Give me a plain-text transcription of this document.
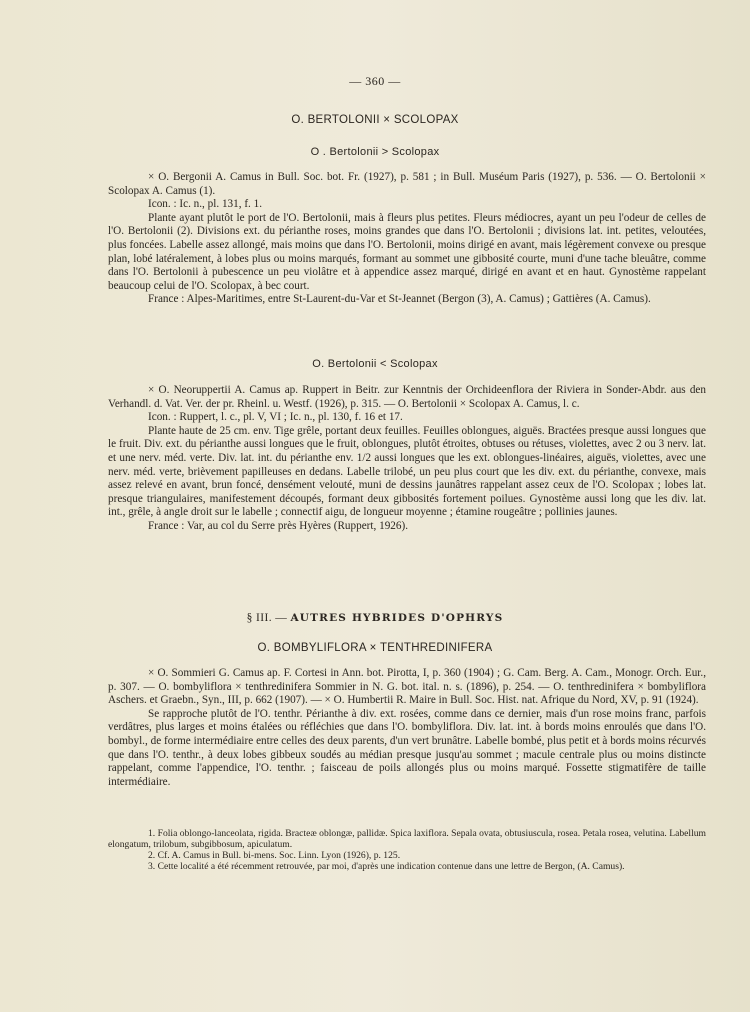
— 360 —
O. BERTOLONII × SCOLOPAX
O . Bertolonii > Scolopax

× O. Bergonii A. Camus in Bull. Soc. bot. Fr. (1927), p. 581 ; in Bull. Muséum Paris (1927), p. 536. — O. Bertolonii × Scolopax A. Camus (1).

Icon. : Ic. n., pl. 131, f. 1.

Plante ayant plutôt le port de l'O. Bertolonii, mais à fleurs plus petites. Fleurs médiocres, ayant un peu l'odeur de celles de l'O. Bertolonii (2). Divisions ext. du périanthe roses, moins grandes que dans l'O. Bertolonii ; divisions lat. int. petites, veloutées, plus foncées. Labelle assez allongé, mais moins que dans l'O. Bertolonii, moins dirigé en avant, mais légèrement convexe ou presque plan, lobé latéralement, à lobes plus ou moins marqués, formant au sommet une gibbosité courte, muni d'une tache bleuâtre, comme dans l'O. Bertolonii à pubescence un peu violâtre et à appendice assez marqué, dirigé en avant et en haut. Gynostème rappelant beaucoup celui de l'O. Scolopax, à bec court.

France : Alpes-Maritimes, entre St-Laurent-du-Var et St-Jeannet (Bergon (3), A. Camus) ; Gattières (A. Camus).

O. Bertolonii < Scolopax

× O. Neoruppertii A. Camus ap. Ruppert in Beitr. zur Kenntnis der Orchideenflora der Riviera in Sonder-Abdr. aus den Verhandl. d. Vat. Ver. der pr. Rheinl. u. Westf. (1926), p. 315. — O. Bertolonii × Scolopax A. Camus, l. c.

Icon. : Ruppert, l. c., pl. V, VI ; Ic. n., pl. 130, f. 16 et 17.

Plante haute de 25 cm. env. Tige grêle, portant deux feuilles. Feuilles oblongues, aiguës. Bractées presque aussi longues que le fruit. Div. ext. du périanthe aussi longues que le fruit, oblongues, plutôt étroites, obtuses ou rétuses, violettes, avec 2 ou 3 nerv. lat. et une nerv. méd. verte. Div. lat. int. du périanthe env. 1/2 aussi longues que les ext. oblongues-linéaires, aiguës, violettes, avec une nerv. méd. verte, brièvement papilleuses en dedans. Labelle trilobé, un peu plus court que les div. ext. du périanthe, convexe, mais assez relevé en avant, brun foncé, densément velouté, muni de dessins jaunâtres rappelant assez ceux de l'O. Scolopax ; lobes lat. presque triangulaires, manifestement découpés, formant deux gibbosités fortement poilues. Gynostème aussi long que les div. lat. int., grêle, à angle droit sur le labelle ; connectif aigu, de longueur moyenne ; étamine rougeâtre ; pollinies jaunes.

France : Var, au col du Serre près Hyères (Ruppert, 1926).

§ III. — AUTRES HYBRIDES D'OPHRYS
O. BOMBYLIFLORA × TENTHREDINIFERA

× O. Sommieri G. Camus ap. F. Cortesi in Ann. bot. Pirotta, I, p. 360 (1904) ; G. Cam. Berg. A. Cam., Monogr. Orch. Eur., p. 307. — O. bombyliflora × tenthredinifera Sommier in N. G. bot. ital. n. s. (1896), p. 254. — O. tenthredinifera × bombyliflora Aschers. et Graebn., Syn., III, p. 662 (1907). — × O. Humbertii R. Maire in Bull. Soc. Hist. nat. Afrique du Nord, XV, p. 91 (1924).

Se rapproche plutôt de l'O. tenthr. Périanthe à div. ext. rosées, comme dans ce dernier, mais d'un rose moins franc, parfois verdâtres, plus larges et moins étalées ou réfléchies que dans l'O. bombyliflora. Div. lat. int. à bords moins enroulés que dans l'O. bombyl., de forme intermédiaire entre celles des deux parents, d'un vert brunâtre. Labelle bombé, plus petit et à bords moins récurvés que dans l'O. tenthr., à deux lobes gibbeux soudés au médian presque jusqu'au sommet ; macule centrale plus ou moins distincte rappelant, comme l'appendice, l'O. tenthr. ; faisceau de poils allongés plus ou moins marqué. Fossette stigmatifère de taille intermédiaire.

1. Folia oblongo-lanceolata, rigida. Bracteæ oblongæ, pallidæ. Spica laxiflora. Sepala ovata, obtusiuscula, rosea. Petala rosea, velutina. Labellum elongatum, trilobum, subgibbosum, apiculatum.

2. Cf. A. Camus in Bull. bi-mens. Soc. Linn. Lyon (1926), p. 125.

3. Cette localité a été récemment retrouvée, par moi, d'après une indication contenue dans une lettre de Bergon, (A. Camus).
